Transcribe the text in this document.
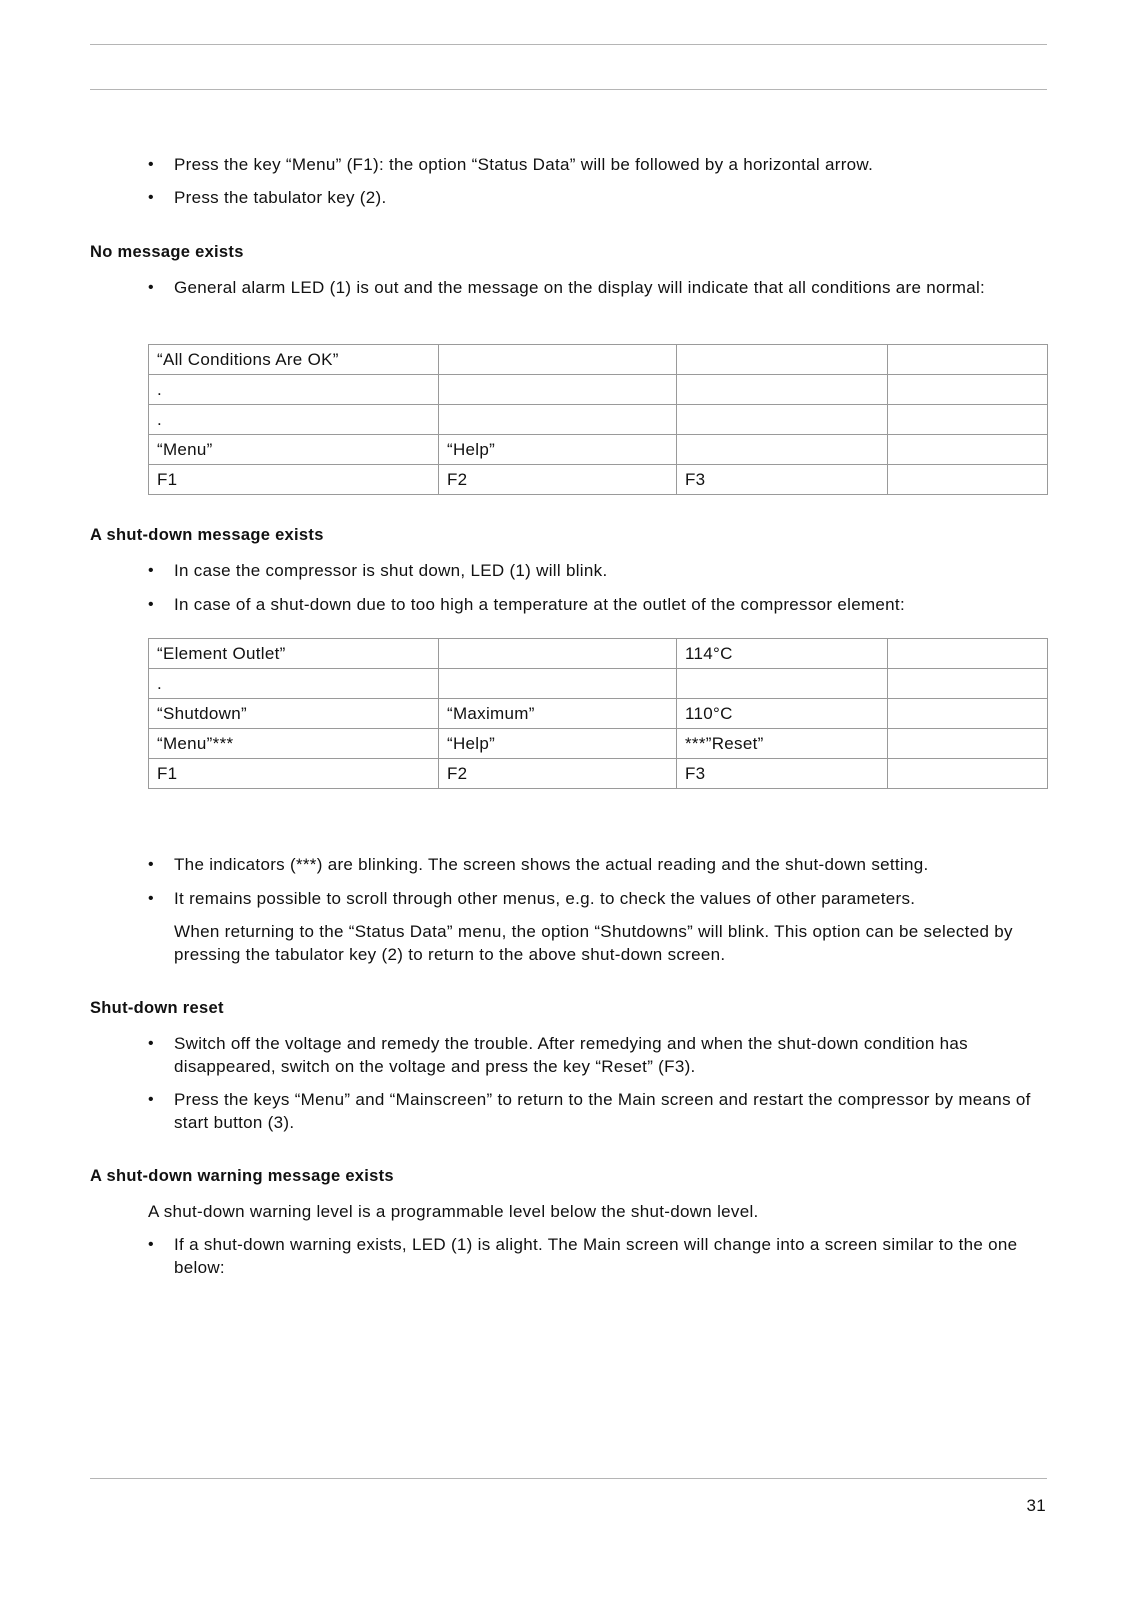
• Press the key “Menu” (F1): the option “Status Data” will be followed by a horizontal arrow.
• Press the tabulator key (2).
No message exists
• General alarm LED (1) is out and the message on the display will indicate that all conditions are normal:
“All Conditions Are OK”			
.			
.			
“Menu”	“Help”		
F1	F2	F3	
A shut-down message exists
• In case the compressor is shut down, LED (1) will blink.
• In case of a shut-down due to too high a temperature at the outlet of the compressor element:
“Element Outlet”		114°C	
.			
“Shutdown”	“Maximum”	110°C	
“Menu”***	“Help”	***”Reset”	
F1	F2	F3	
• The indicators (***) are blinking. The screen shows the actual reading and the shut-down setting.
• It remains possible to scroll through other menus, e.g. to check the values of other parameters.
When returning to the “Status Data” menu, the option “Shutdowns” will blink. This option can be selected by pressing the tabulator key (2) to return to the above shut-down screen.
Shut-down reset
• Switch off the voltage and remedy the trouble. After remedying and when the shut-down condition has disappeared, switch on the voltage and press the key “Reset” (F3).
• Press the keys “Menu” and “Mainscreen” to return to the Main screen and restart the compressor by means of start button (3).
A shut-down warning message exists
A shut-down warning level is a programmable level below the shut-down level.
• If a shut-down warning exists, LED (1) is alight. The Main screen will change into a screen similar to the one below:
31
